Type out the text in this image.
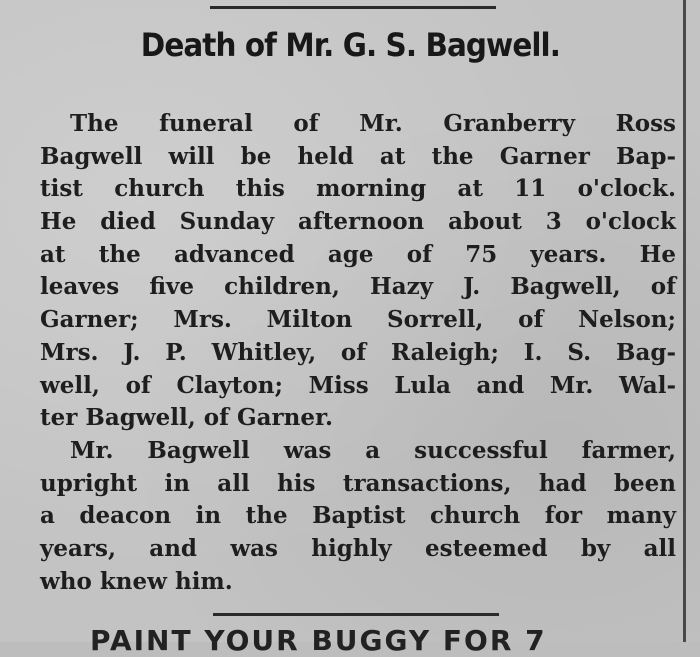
Death of Mr. G. S. Bagwell.
The funeral of Mr. Granberry Ross
Bagwell will be held at the Garner Bap-
tist church this morning at 11 o'clock.
He died Sunday afternoon about 3 o'clock
at the advanced age of 75 years. He
leaves five children, Hazy J. Bagwell, of
Garner; Mrs. Milton Sorrell, of Nelson;
Mrs. J. P. Whitley, of Raleigh; I. S. Bag-
well, of Clayton; Miss Lula and Mr. Wal-
ter Bagwell, of Garner.
Mr. Bagwell was a successful farmer,
upright in all his transactions, had been
a deacon in the Baptist church for many
years, and was highly esteemed by all
who knew him.
PAINT YOUR BUGGY FOR 7
